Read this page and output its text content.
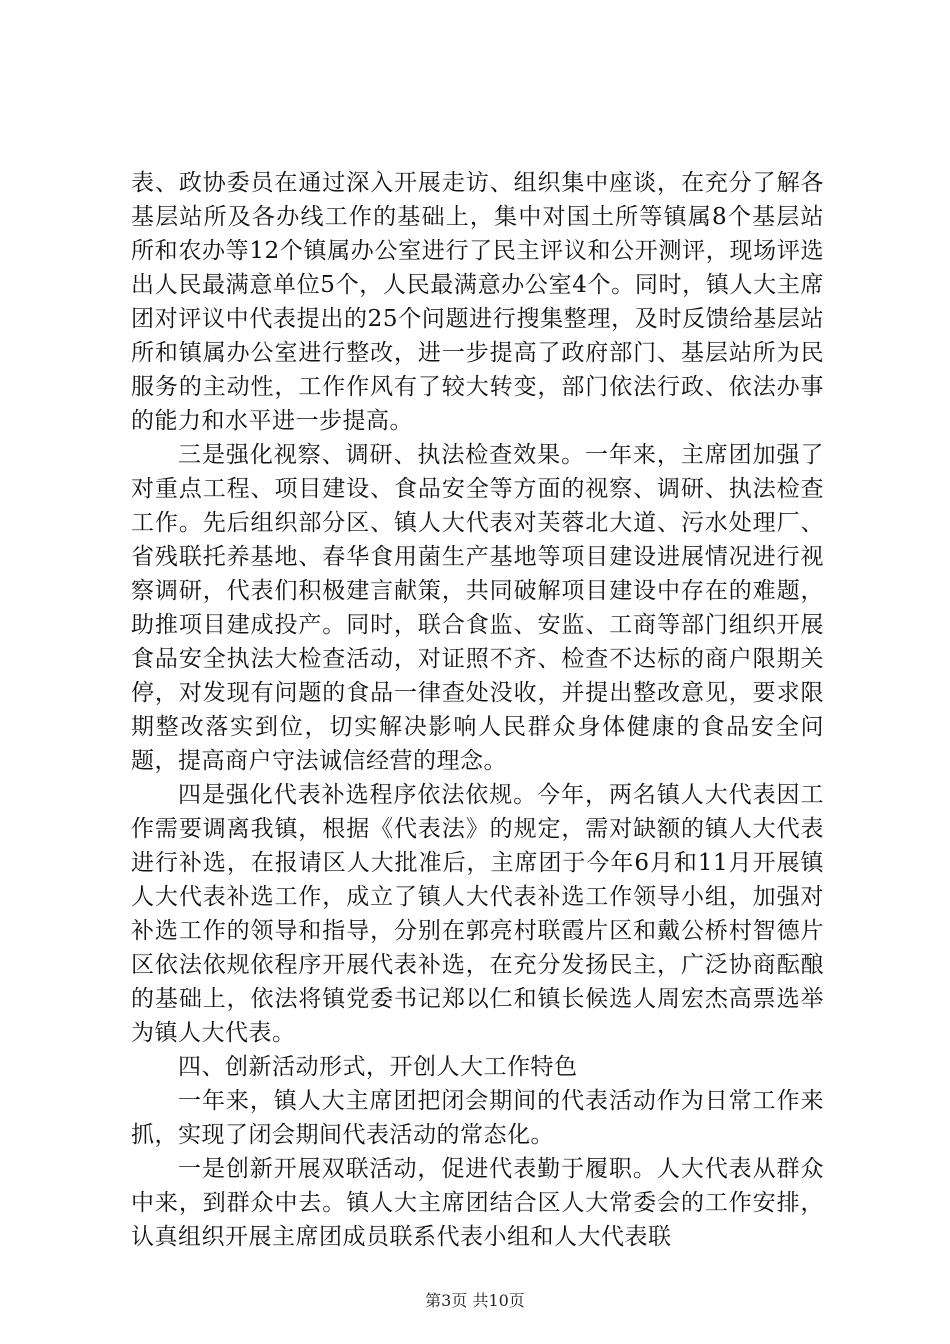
表、政协委员在通过深入开展走访、组织集中座谈，在充分了解各基层站所及各办线工作的基础上，集中对国土所等镇属8个基层站所和农办等12个镇属办公室进行了民主评议和公开测评，现场评选出人民最满意单位5个，人民最满意办公室4个。同时，镇人大主席团对评议中代表提出的25个问题进行搜集整理，及时反馈给基层站所和镇属办公室进行整改，进一步提高了政府部门、基层站所为民服务的主动性，工作作风有了较大转变，部门依法行政、依法办事的能力和水平进一步提高。

三是强化视察、调研、执法检查效果。一年来，主席团加强了对重点工程、项目建设、食品安全等方面的视察、调研、执法检查工作。先后组织部分区、镇人大代表对芙蓉北大道、污水处理厂、省残联托养基地、春华食用菌生产基地等项目建设进展情况进行视察调研，代表们积极建言献策，共同破解项目建设中存在的难题，助推项目建成投产。同时，联合食监、安监、工商等部门组织开展食品安全执法大检查活动，对证照不齐、检查不达标的商户限期关停，对发现有问题的食品一律查处没收，并提出整改意见，要求限期整改落实到位，切实解决影响人民群众身体健康的食品安全问题，提高商户守法诚信经营的理念。

四是强化代表补选程序依法依规。今年，两名镇人大代表因工作需要调离我镇，根据《代表法》的规定，需对缺额的镇人大代表进行补选，在报请区人大批准后，主席团于今年6月和11月开展镇人大代表补选工作，成立了镇人大代表补选工作领导小组，加强对补选工作的领导和指导，分别在郭亮村联霞片区和戴公桥村智德片区依法依规依程序开展代表补选，在充分发扬民主，广泛协商酝酿的基础上，依法将镇党委书记郑以仁和镇长候选人周宏杰高票选举为镇人大代表。

四、创新活动形式，开创人大工作特色

一年来，镇人大主席团把闭会期间的代表活动作为日常工作来抓，实现了闭会期间代表活动的常态化。

一是创新开展双联活动，促进代表勤于履职。人大代表从群众中来，到群众中去。镇人大主席团结合区人大常委会的工作安排，认真组织开展主席团成员联系代表小组和人大代表联

第3页 共10页
